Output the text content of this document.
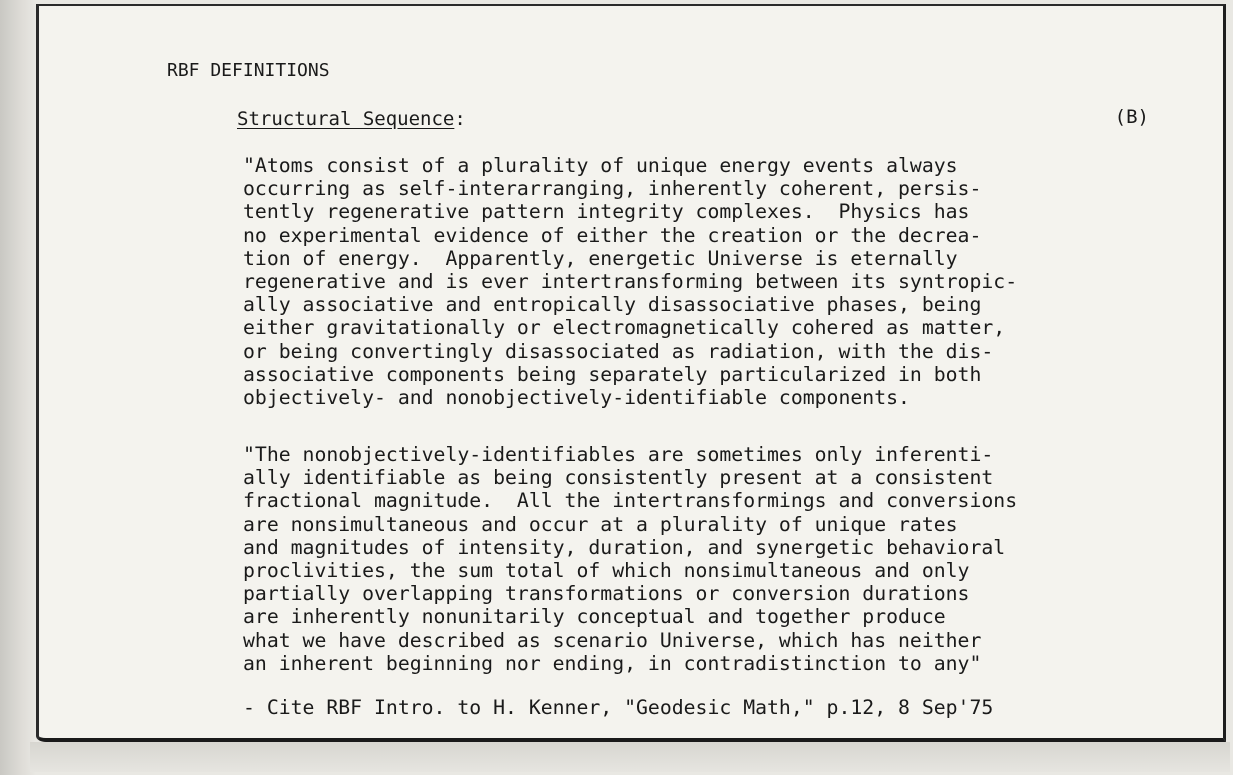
RBF DEFINITIONS
Structural Sequence:	(B)

"Atoms consist of a plurality of unique energy events always
occurring as self-interarranging, inherently coherent, persis-
tently regenerative pattern integrity complexes.  Physics has
no experimental evidence of either the creation or the decrea-
tion of energy.  Apparently, energetic Universe is eternally
regenerative and is ever intertransforming between its syntropic-
ally associative and entropically disassociative phases, being
either gravitationally or electromagnetically cohered as matter,
or being convertingly disassociated as radiation, with the dis-
associative components being separately particularized in both
objectively- and nonobjectively-identifiable components.

"The nonobjectively-identifiables are sometimes only inferenti-
ally identifiable as being consistently present at a consistent
fractional magnitude.  All the intertransformings and conversions
are nonsimultaneous and occur at a plurality of unique rates
and magnitudes of intensity, duration, and synergetic behavioral
proclivities, the sum total of which nonsimultaneous and only
partially overlapping transformations or conversion durations
are inherently nonunitarily conceptual and together produce
what we have described as scenario Universe, which has neither
an inherent beginning nor ending, in contradistinction to any"

- Cite RBF Intro. to H. Kenner, "Geodesic Math," p.12, 8 Sep'75
